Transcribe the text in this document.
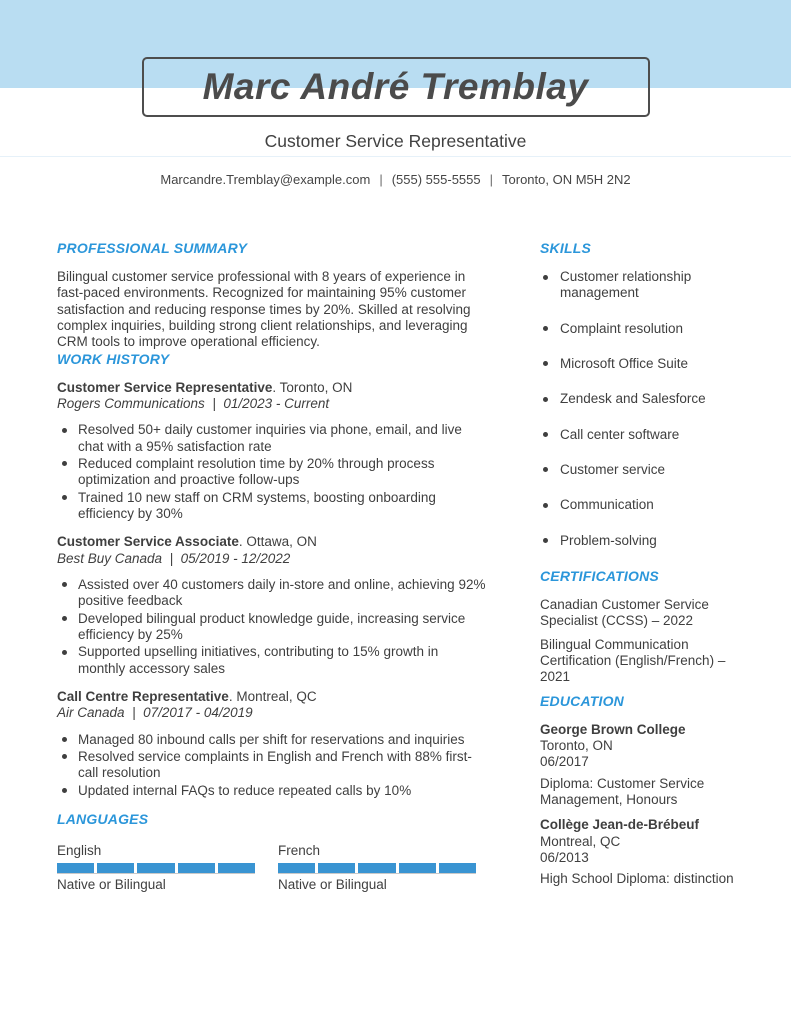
Marc André Tremblay
Customer Service Representative
Marcandre.Tremblay@example.com | (555) 555-5555 | Toronto, ON M5H 2N2
PROFESSIONAL SUMMARY

Bilingual customer service professional with 8 years of experience in fast-paced environments. Recognized for maintaining 95% customer satisfaction and reducing response times by 20%. Skilled at resolving complex inquiries, building strong client relationships, and leveraging CRM tools to improve operational efficiency.

WORK HISTORY
Customer Service Representative. Toronto, ON
Rogers Communications | 01/2023 - Current
Resolved 50+ daily customer inquiries via phone, email, and live chat with a 95% satisfaction rate
Reduced complaint resolution time by 20% through process optimization and proactive follow-ups
Trained 10 new staff on CRM systems, boosting onboarding efficiency by 30%
Customer Service Associate. Ottawa, ON
Best Buy Canada | 05/2019 - 12/2022
Assisted over 40 customers daily in-store and online, achieving 92% positive feedback
Developed bilingual product knowledge guide, increasing service efficiency by 25%
Supported upselling initiatives, contributing to 15% growth in monthly accessory sales
Call Centre Representative. Montreal, QC
Air Canada | 07/2017 - 04/2019
Managed 80 inbound calls per shift for reservations and inquiries
Resolved service complaints in English and French with 88% first-call resolution
Updated internal FAQs to reduce repeated calls by 10%
LANGUAGES
English
Native or Bilingual
French
Native or Bilingual
SKILLS
Customer relationship management
Complaint resolution
Microsoft Office Suite
Zendesk and Salesforce
Call center software
Customer service
Communication
Problem-solving
CERTIFICATIONS

Canadian Customer Service Specialist (CCSS) – 2022

Bilingual Communication Certification (English/French) – 2021

EDUCATION
George Brown College
Toronto, ON
06/2017

Diploma: Customer Service Management, Honours

Collège Jean-de-Brébeuf
Montreal, QC
06/2013

High School Diploma: distinction
